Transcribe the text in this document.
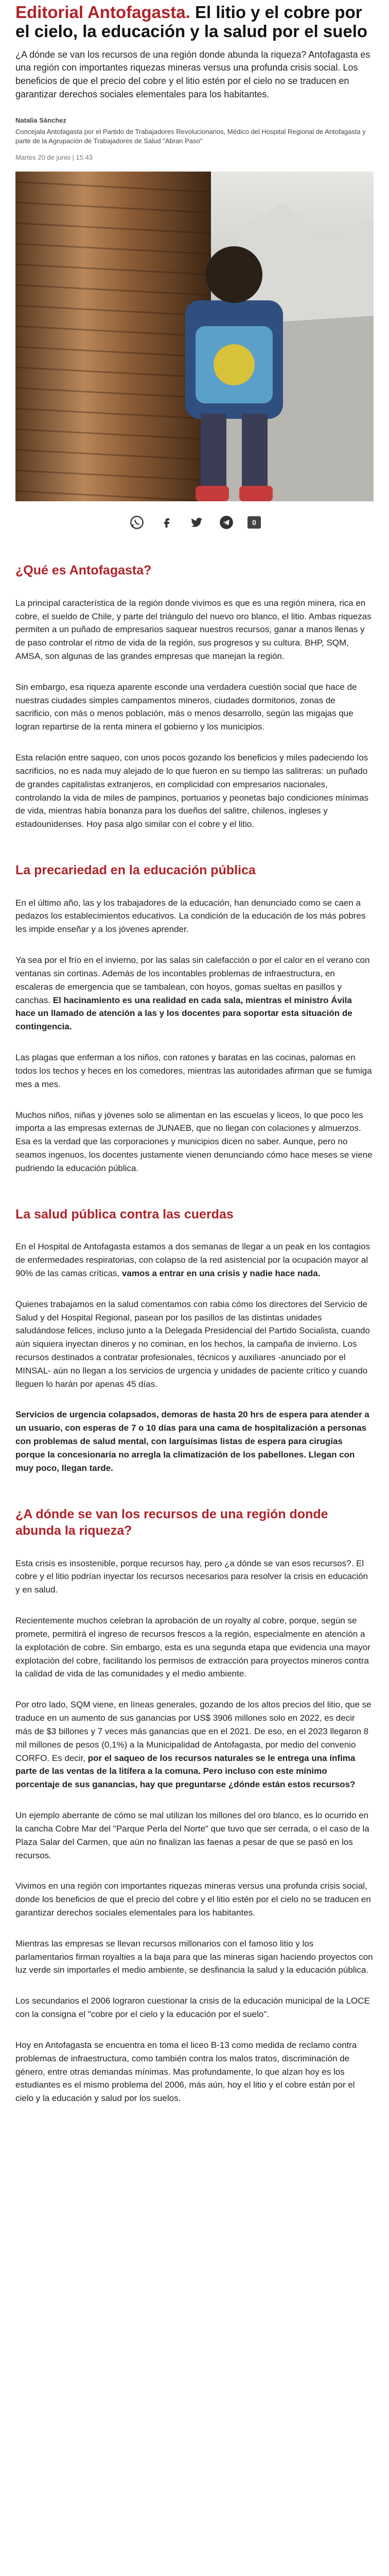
Editorial Antofagasta. El litio y el cobre por el cielo, la educación y la salud por el suelo

¿A dónde se van los recursos de una región donde abunda la riqueza? Antofagasta es una región con importantes riquezas mineras versus una profunda crisis social. Los beneficios de que el precio del cobre y el litio estén por el cielo no se traducen en garantizar derechos sociales elementales para los habitantes.

Natalia Sánchez
Concejala Antofagasta por el Partido de Trabajadores Revolucionarios, Médico del Hospital Regional de Antofagasta y parte de la Agrupación de Trabajadores de Salud "Abran Paso"
Martes 20 de junio | 15:43
0
¿Qué es Antofagasta?

La principal característica de la región donde vivimos es que es una región minera, rica en cobre, el sueldo de Chile, y parte del triángulo del nuevo oro blanco, el litio. Ambas riquezas permiten a un puñado de empresarios saquear nuestros recursos, ganar a manos llenas y de paso controlar el ritmo de vida de la región, sus progresos y su cultura. BHP, SQM, AMSA, son algunas de las grandes empresas que manejan la región.

Sin embargo, esa riqueza aparente esconde una verdadera cuestión social que hace de nuestras ciudades simples campamentos mineros, ciudades dormitorios, zonas de sacrificio, con más o menos población, más o menos desarrollo, según las migajas que logran repartirse de la renta minera el gobierno y los municipios.

Esta relación entre saqueo, con unos pocos gozando los beneficios y miles padeciendo los sacrificios, no es nada muy alejado de lo que fueron en su tiempo las salitreras: un puñado de grandes capitalistas extranjeros, en complicidad con empresarios nacionales, controlando la vida de miles de pampinos, portuarios y peonetas bajo condiciones mínimas de vida, mientras había bonanza para los dueños del salitre, chilenos, ingleses y estadounidenses. Hoy pasa algo similar con el cobre y el litio.

La precariedad en la educación pública

En el último año, las y los trabajadores de la educación, han denunciado como se caen a pedazos los establecimientos educativos. La condición de la educación de los más pobres les impide enseñar y a los jóvenes aprender.

Ya sea por el frío en el invierno, por las salas sin calefacción o por el calor en el verano con ventanas sin cortinas. Además de los incontables problemas de infraestructura, en escaleras de emergencia que se tambalean, con hoyos, gomas sueltas en pasillos y canchas. El hacinamiento es una realidad en cada sala, mientras el ministro Ávila hace un llamado de atención a las y los docentes para soportar esta situación de contingencia.

Las plagas que enferman a los niños, con ratones y baratas en las cocinas, palomas en todos los techos y heces en los comedores, mientras las autoridades afirman que se fumiga mes a mes.

Muchos niños, niñas y jóvenes solo se alimentan en las escuelas y liceos, lo que poco les importa a las empresas externas de JUNAEB, que no llegan con colaciones y almuerzos. Esa es la verdad que las corporaciones y municipios dicen no saber. Aunque, pero no seamos ingenuos, los docentes justamente vienen denunciando cómo hace meses se viene pudriendo la educación pública.

La salud pública contra las cuerdas

En el Hospital de Antofagasta estamos a dos semanas de llegar a un peak en los contagios de enfermedades respiratorias, con colapso de la red asistencial por la ocupación mayor al 90% de las camas críticas, vamos a entrar en una crisis y nadie hace nada.

Quienes trabajamos en la salud comentamos con rabia cómo los directores del Servicio de Salud y del Hospital Regional, pasean por los pasillos de las distintas unidades saludándose felices, incluso junto a la Delegada Presidencial del Partido Socialista, cuando aún siquiera inyectan dineros y no cominan, en los hechos, la campaña de invierno. Los recursos destinados a contratar profesionales, técnicos y auxiliares -anunciado por el MINSAL- aún no llegan a los servicios de urgencia y unidades de paciente crítico y cuando lleguen lo harán por apenas 45 días.

Servicios de urgencia colapsados, demoras de hasta 20 hrs de espera para atender a un usuario, con esperas de 7 o 10 días para una cama de hospitalización a personas con problemas de salud mental, con larguísimas listas de espera para cirugías porque la concesionaria no arregla la climatización de los pabellones. Llegan con muy poco, llegan tarde.

¿A dónde se van los recursos de una región donde abunda la riqueza?

Esta crisis es insostenible, porque recursos hay, pero ¿a dónde se van esos recursos?. El cobre y el litio podrían inyectar los recursos necesarios para resolver la crisis en educación y en salud.

Recientemente muchos celebran la aprobación de un royalty al cobre, porque, según se promete, permitirá el ingreso de recursos frescos a la región, especialmente en atención a la explotación de cobre. Sin embargo, esta es una segunda etapa que evidencia una mayor explotación del cobre, facilitando los permisos de extracción para proyectos mineros contra la calidad de vida de las comunidades y el medio ambiente.

Por otro lado, SQM viene, en líneas generales, gozando de los altos precios del litio, que se traduce en un aumento de sus ganancias por US$ 3906 millones solo en 2022, es decir más de $3 billones y 7 veces más ganancias que en el 2021. De eso, en el 2023 llegaron 8 mil millones de pesos (0,1%) a la Municipalidad de Antofagasta, por medio del convenio CORFO. Es decir, por el saqueo de los recursos naturales se le entrega una ínfima parte de las ventas de la litífera a la comuna. Pero incluso con este mínimo porcentaje de sus ganancias, hay que preguntarse ¿dónde están estos recursos?

Un ejemplo aberrante de cómo se mal utilizan los millones del oro blanco, es lo ocurrido en la cancha Cobre Mar del "Parque Perla del Norte" que tuvo que ser cerrada, o el caso de la Plaza Salar del Carmen, que aún no finalizan las faenas a pesar de que se pasó en los recursos.

Vivimos en una región con importantes riquezas mineras versus una profunda crisis social, donde los beneficios de que el precio del cobre y el litio estén por el cielo no se traducen en garantizar derechos sociales elementales para los habitantes.

Mientras las empresas se llevan recursos millonarios con el famoso litio y los parlamentarios firman royalties a la baja para que las mineras sigan haciendo proyectos con luz verde sin importarles el medio ambiente, se desfinancia la salud y la educación pública.

Los secundarios el 2006 lograron cuestionar la crisis de la educación municipal de la LOCE con la consigna el "cobre por el cielo y la educación por el suelo".

Hoy en Antofagasta se encuentra en toma el liceo B-13 como medida de reclamo contra problemas de infraestructura, como también contra los malos tratos, discriminación de género, entre otras demandas mínimas. Mas profundamente, lo que alzan hoy es los estudiantes es el mismo problema del 2006, más aún, hoy el litio y el cobre están por el cielo y la educación y salud por los suelos.
